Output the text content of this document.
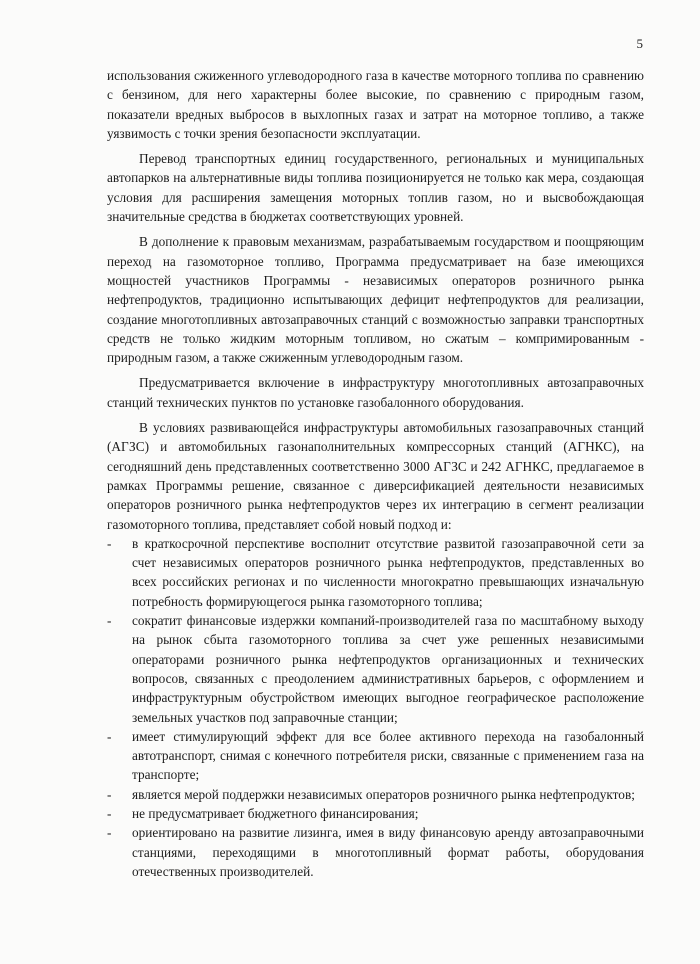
5

использования сжиженного углеводородного газа в качестве моторного топлива по сравнению с бензином, для него характерны более высокие, по сравнению с природным газом, показатели вредных выбросов в выхлопных газах и затрат на моторное топливо, а также уязвимость с точки зрения безопасности эксплуатации.

Перевод транспортных единиц государственного, региональных и муниципальных автопарков на альтернативные виды топлива позиционируется не только как мера, создающая условия для расширения замещения моторных топлив газом, но и высвобождающая значительные средства в бюджетах соответствующих уровней.

В дополнение к правовым механизмам, разрабатываемым государством и поощряющим переход на газомоторное топливо, Программа предусматривает на базе имеющихся мощностей участников Программы - независимых операторов розничного рынка нефтепродуктов, традиционно испытывающих дефицит нефтепродуктов для реализации, создание многотопливных автозаправочных станций с возможностью заправки транспортных средств не только жидким моторным топливом, но сжатым – компримированным - природным газом, а также сжиженным углеводородным газом.

Предусматривается включение в инфраструктуру многотопливных автозаправочных станций технических пунктов по установке газобалонного оборудования.

В условиях развивающейся инфраструктуры автомобильных газозаправочных станций (АГЗС) и автомобильных газонаполнительных компрессорных станций (АГНКС), на сегодняшний день представленных соответственно 3000 АГЗС и 242 АГНКС, предлагаемое в рамках Программы решение, связанное с диверсификацией деятельности независимых операторов розничного рынка нефтепродуктов через их интеграцию в сегмент реализации газомоторного топлива, представляет собой новый подход и:

- в краткосрочной перспективе восполнит отсутствие развитой газозаправочной сети за счет независимых операторов розничного рынка нефтепродуктов, представленных во всех российских регионах и по численности многократно превышающих изначальную потребность формирующегося рынка газомоторного топлива;
- сократит финансовые издержки компаний-производителей газа по масштабному выходу на рынок сбыта газомоторного топлива за счет уже решенных независимыми операторами розничного рынка нефтепродуктов организационных и технических вопросов, связанных с преодолением административных барьеров, с оформлением и инфраструктурным обустройством имеющих выгодное географическое расположение земельных участков под заправочные станции;
- имеет стимулирующий эффект для все более активного перехода на газобалонный автотранспорт, снимая с конечного потребителя риски, связанные с применением газа на транспорте;
- является мерой поддержки независимых операторов розничного рынка нефтепродуктов;
- не предусматривает бюджетного финансирования;
- ориентировано на развитие лизинга, имея в виду финансовую аренду автозаправочными станциями, переходящими в многотопливный формат работы, оборудования отечественных производителей.
